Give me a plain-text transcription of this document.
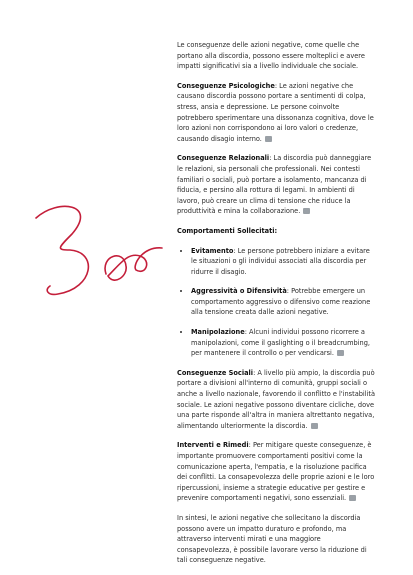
Le conseguenze delle azioni negative, come quelle che portano alla discordia, possono essere molteplici e avere impatti significativi sia a livello individuale che sociale.

Conseguenze Psicologiche: Le azioni negative che causano discordia possono portare a sentimenti di colpa, stress, ansia e depressione. Le persone coinvolte potrebbero sperimentare una dissonanza cognitiva, dove le loro azioni non corrispondono ai loro valori o credenze, causando disagio interno.

Conseguenze Relazionali: La discordia può danneggiare le relazioni, sia personali che professionali. Nei contesti familiari o sociali, può portare a isolamento, mancanza di fiducia, e persino alla rottura di legami. In ambienti di lavoro, può creare un clima di tensione che riduce la produttività e mina la collaborazione.

Comportamenti Sollecitati:

• Evitamento: Le persone potrebbero iniziare a evitare le situazioni o gli individui associati alla discordia per ridurre il disagio.
• Aggressività o Difensività: Potrebbe emergere un comportamento aggressivo o difensivo come reazione alla tensione creata dalle azioni negative.
• Manipolazione: Alcuni individui possono ricorrere a manipolazioni, come il gaslighting o il breadcrumbing, per mantenere il controllo o per vendicarsi.

Conseguenze Sociali: A livello più ampio, la discordia può portare a divisioni all'interno di comunità, gruppi sociali o anche a livello nazionale, favorendo il conflitto e l'instabilità sociale. Le azioni negative possono diventare cicliche, dove una parte risponde all'altra in maniera altrettanto negativa, alimentando ulteriormente la discordia.

Interventi e Rimedi: Per mitigare queste conseguenze, è importante promuovere comportamenti positivi come la comunicazione aperta, l'empatia, e la risoluzione pacifica dei conflitti. La consapevolezza delle proprie azioni e le loro ripercussioni, insieme a strategie educative per gestire e prevenire comportamenti negativi, sono essenziali.

In sintesi, le azioni negative che sollecitano la discordia possono avere un impatto duraturo e profondo, ma attraverso interventi mirati e una maggiore consapevolezza, è possibile lavorare verso la riduzione di tali conseguenze negative.
